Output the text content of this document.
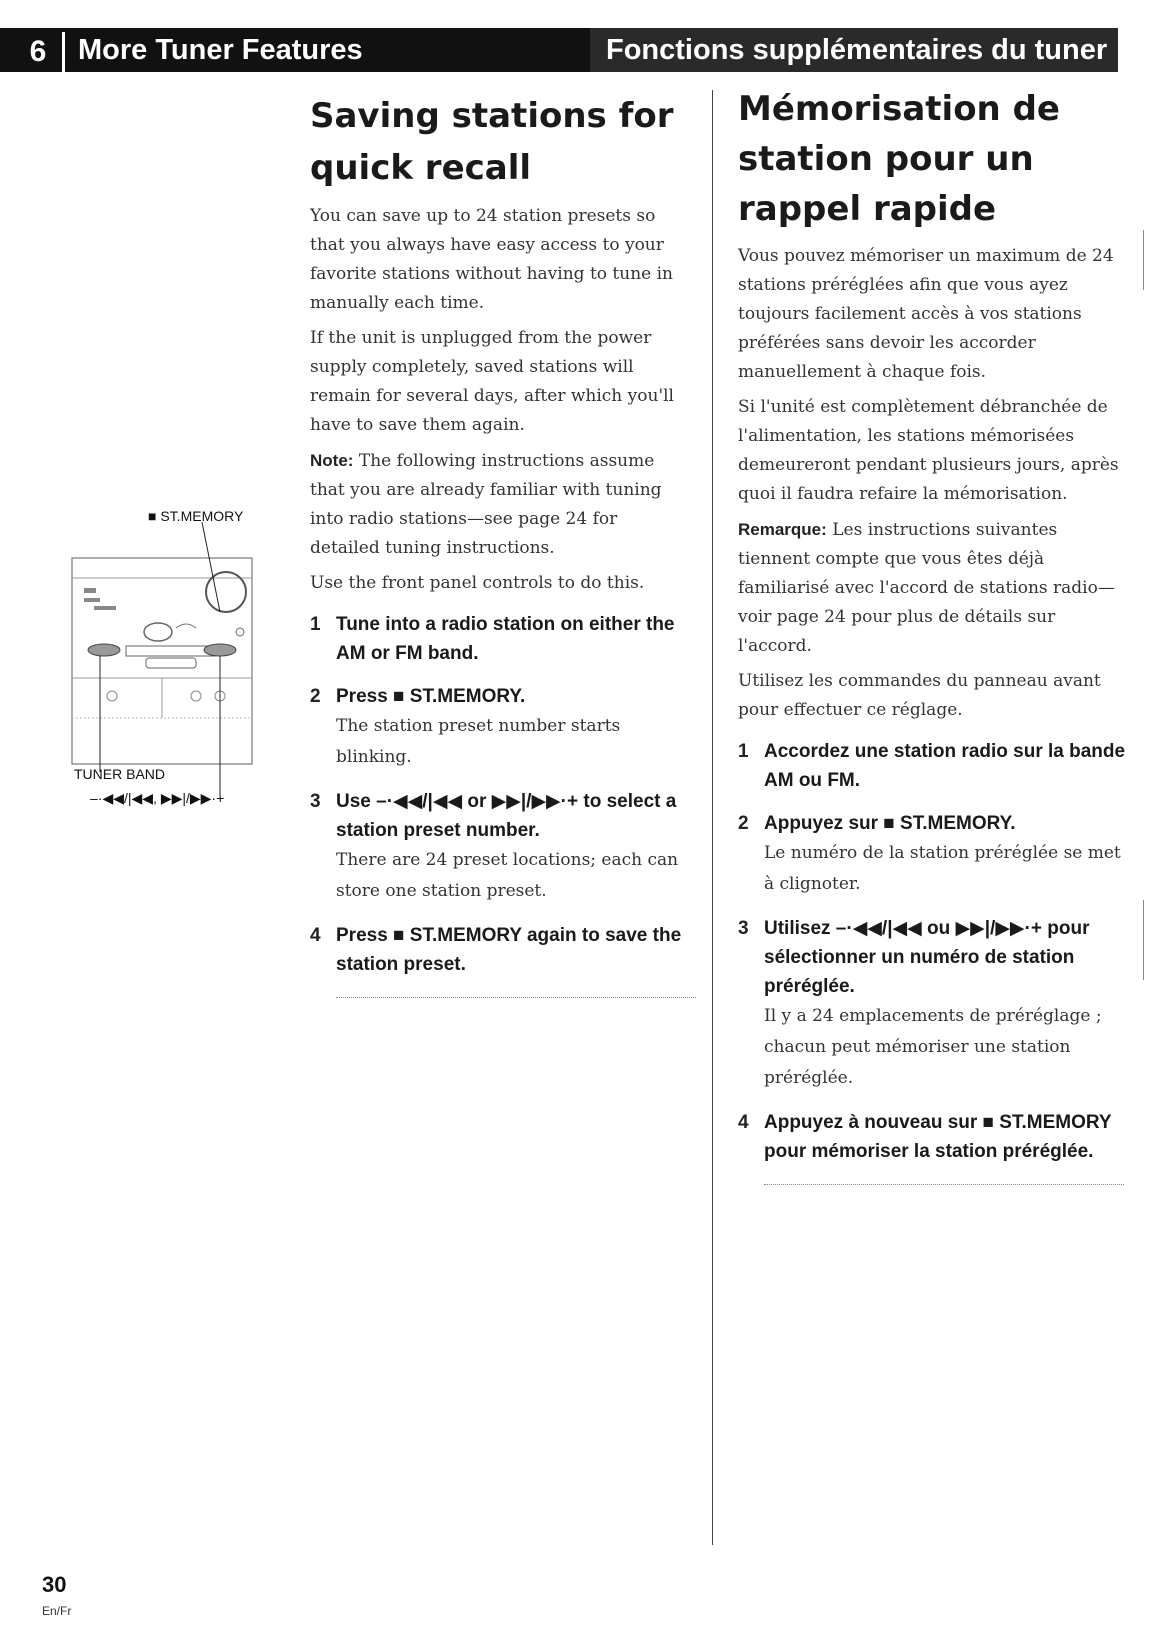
6	More Tuner Features	Fonctions supplémentaires du tuner
Saving stations for quick recall

You can save up to 24 station presets so that you always have easy access to your favorite stations without having to tune in manually each time.

If the unit is unplugged from the power supply completely, saved stations will remain for several days, after which you'll have to save them again.

Note: The following instructions assume that you are already familiar with tuning into radio stations—see page 24 for detailed tuning instructions.

Use the front panel controls to do this.

1 Tune into a radio station on either the AM or FM band.

2 Press ■ ST.MEMORY.

The station preset number starts blinking.

3 Use –·◀◀/|◀◀ or ▶▶|/▶▶·+ to select a station preset number.

There are 24 preset locations; each can store one station preset.

4 Press ■ ST.MEMORY again to save the station preset.

Mémorisation de station pour un rappel rapide

Vous pouvez mémoriser un maximum de 24 stations préréglées afin que vous ayez toujours facilement accès à vos stations préférées sans devoir les accorder manuellement à chaque fois.

Si l'unité est complètement débranchée de l'alimentation, les stations mémorisées demeureront pendant plusieurs jours, après quoi il faudra refaire la mémorisation.

Remarque: Les instructions suivantes tiennent compte que vous êtes déjà familiarisé avec l'accord de stations radio— voir page 24 pour plus de détails sur l'accord.

Utilisez les commandes du panneau avant pour effectuer ce réglage.

1 Accordez une station radio sur la bande AM ou FM.

2 Appuyez sur ■ ST.MEMORY.

Le numéro de la station préréglée se met à clignoter.

3 Utilisez –·◀◀/|◀◀ ou ▶▶|/▶▶·+ pour sélectionner un numéro de station préréglée.

Il y a 24 emplacements de préréglage ; chacun peut mémoriser une station préréglée.

4 Appuyez à nouveau sur ■ ST.MEMORY pour mémoriser la station préréglée.

■ ST.MEMORY
TUNER BAND
–·◀◀/|◀◀, ▶▶|/▶▶·+
30
En/Fr
